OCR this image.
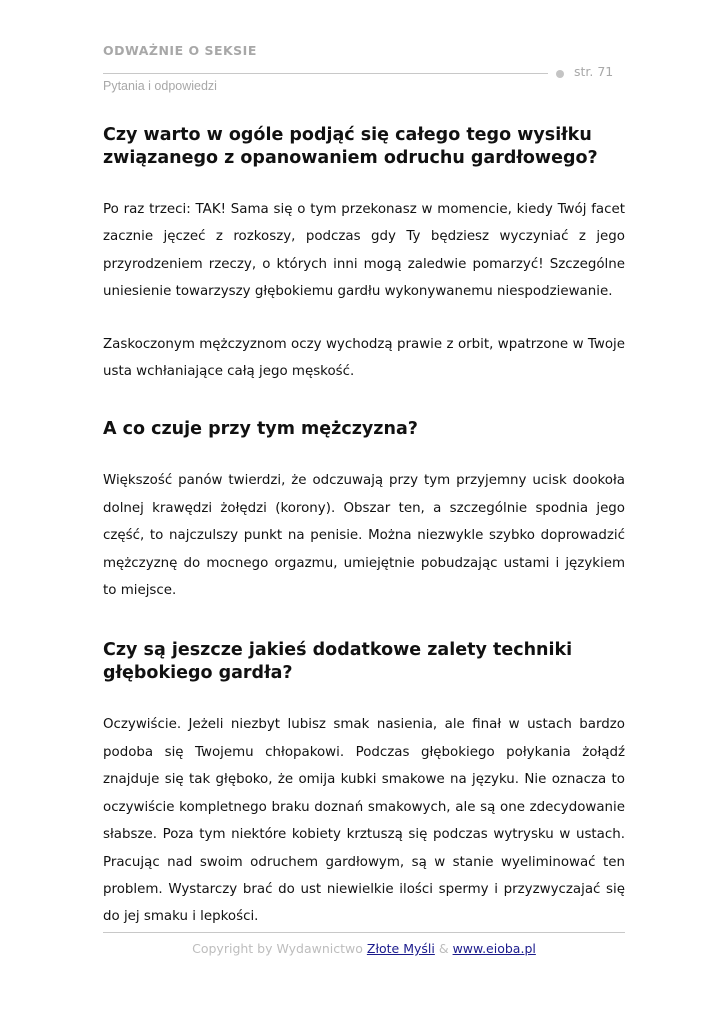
ODWAŻNIE O SEKSIE
str. 71
Pytania i odpowiedzi
Czy warto w ogóle podjąć się całego tego wysiłku związanego z opanowaniem odruchu gardłowego?

Po raz trzeci: TAK! Sama się o tym przekonasz w momencie, kiedy Twój facet zacznie jęczeć z rozkoszy, podczas gdy Ty będziesz wyczyniać z jego przyrodzeniem rzeczy, o których inni mogą zaledwie pomarzyć! Szczególne uniesienie towarzyszy głębokiemu gardłu wykonywanemu niespodziewanie.

Zaskoczonym mężczyznom oczy wychodzą prawie z orbit, wpatrzone w Twoje usta wchłaniające całą jego męskość.

A co czuje przy tym mężczyzna?

Większość panów twierdzi, że odczuwają przy tym przyjemny ucisk dookoła dolnej krawędzi żołędzi (korony). Obszar ten, a szczególnie spodnia jego część, to najczulszy punkt na penisie. Można niezwykle szybko doprowadzić mężczyznę do mocnego orgazmu, umiejętnie pobudzając ustami i językiem to miejsce.

Czy są jeszcze jakieś dodatkowe zalety techniki głębokiego gardła?

Oczywiście. Jeżeli niezbyt lubisz smak nasienia, ale finał w ustach bardzo podoba się Twojemu chłopakowi. Podczas głębokiego połykania żołądź znajduje się tak głęboko, że omija kubki smakowe na języku. Nie oznacza to oczywiście kompletnego braku doznań smakowych, ale są one zdecydowanie słabsze. Poza tym niektóre kobiety krztuszą się podczas wytrysku w ustach. Pracując nad swoim odruchem gardłowym, są w stanie wyeliminować ten problem. Wystarczy brać do ust niewielkie ilości spermy i przyzwyczajać się do jej smaku i lepkości.

Copyright by Wydawnictwo Złote Myśli & www.eioba.pl
